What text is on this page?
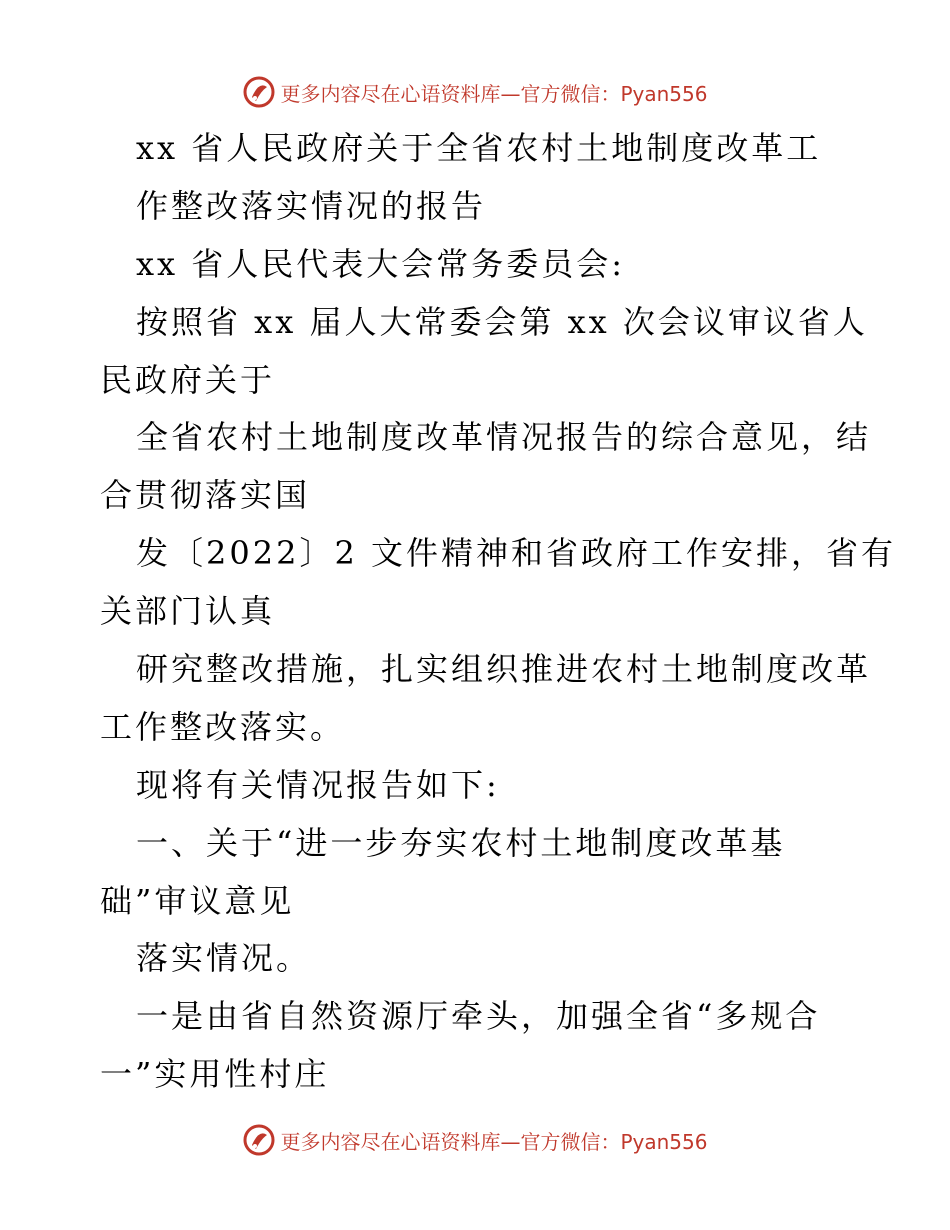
更多内容尽在心语资料库 —官方微信：Pyan556
xx 省人民政府关于全省农村土地制度改革工
作整改落实情况的报告
xx 省人民代表大会常务委员会:
按照省 xx 届人大常委会第 xx 次会议审议省人
民政府关于
全省农村土地制度改革情况报告的综合意见，结
合贯彻落实国
发〔2022〕2 文件精神和省政府工作安排，省有
关部门认真
研究整改措施，扎实组织推进农村土地制度改革
工作整改落实。
现将有关情况报告如下:
一、关于“进一步夯实农村土地制度改革基
础”审议意见
落实情况。
一是由省自然资源厅牵头，加强全省“多规合
一”实用性村庄
更多内容尽在心语资料库 —官方微信：Pyan556
